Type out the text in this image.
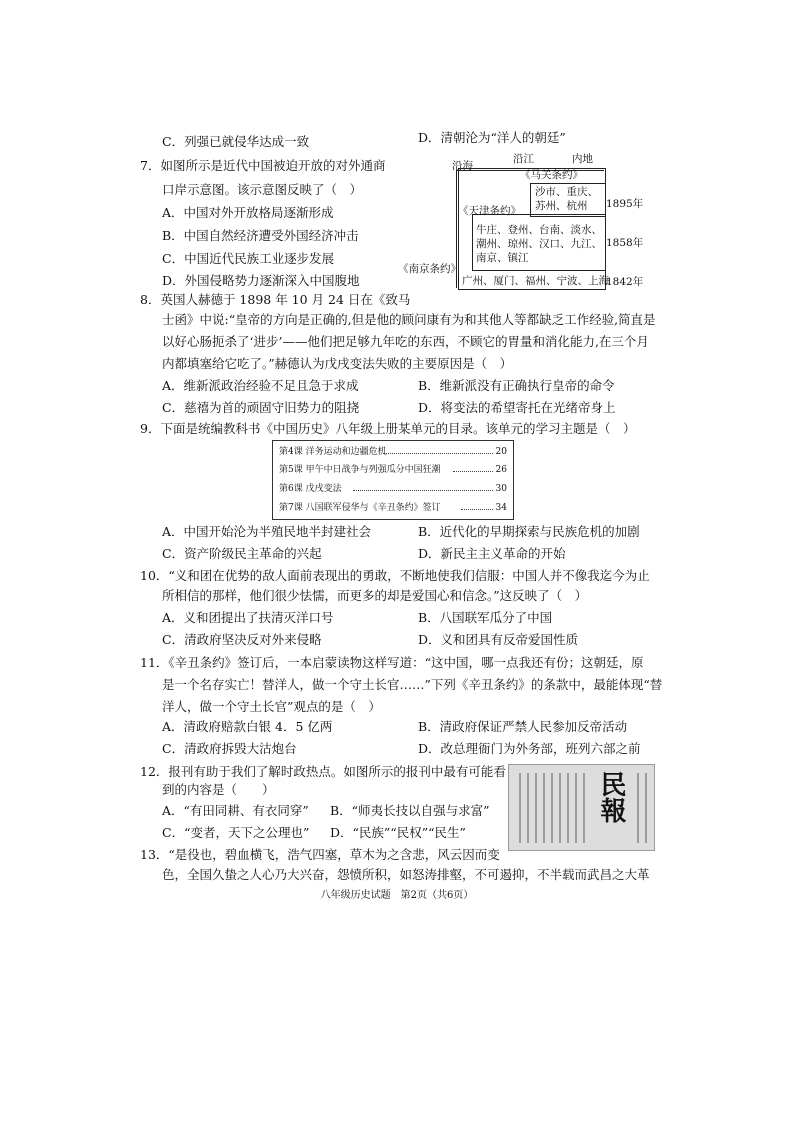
C．列强已就侵华达成一致	D．清朝沦为“洋人的朝廷”
7．如图所示是近代中国被迫开放的对外通商
口岸示意图。该示意图反映了（　）
A．中国对外开放格局逐渐形成
B．中国自然经济遭受外国经济冲击
C．中国近代民族工业逐步发展
D．外国侵略势力逐渐深入中国腹地
沿海
沿江	内地
《马关条约》
沙市、重庆、苏州、杭州	1895年
《天津条约》
牛庄、登州、台南、淡水、潮州、琼州、汉口、九江、南京、镇江
1858年
《南京条约》
广州、厦门、福州、宁波、上海
1842年
8．英国人赫德于 1898 年 10 月 24 日在《致马
士函》中说:“皇帝的方向是正确的,但是他的顾问康有为和其他人等都缺乏工作经验,简直是
以好心肠扼杀了‘进步’——他们把足够九年吃的东西，不顾它的胃量和消化能力,在三个月
内都填塞给它吃了。”赫德认为戊戌变法失败的主要原因是（　）
A．维新派政治经验不足且急于求成	B．维新派没有正确执行皇帝的命令
C．慈禧为首的顽固守旧势力的阻挠	D．将变法的希望寄托在光绪帝身上
9．下面是统编教科书《中国历史》八年级上册某单元的目录。该单元的学习主题是（　）
第4课 洋务运动和边疆危机	20
第5课 甲午中日战争与列强瓜分中国狂潮	26
第6课 戊戌变法	30
第7课 八国联军侵华与《辛丑条约》签订	34
A．中国开始沦为半殖民地半封建社会	B．近代化的早期探索与民族危机的加剧
C．资产阶级民主革命的兴起	D．新民主主义革命的开始
10．“义和团在优势的敌人面前表现出的勇敢，不断地使我们信服：中国人并不像我迄今为止
所相信的那样，他们很少怯懦，而更多的却是爱国心和信念。”这反映了（　）
A．义和团提出了扶清灭洋口号	B．八国联军瓜分了中国
C．清政府坚决反对外来侵略	D．义和团具有反帝爱国性质
11．《辛丑条约》签订后，一本启蒙读物这样写道：“这中国，哪一点我还有份；这朝廷，原
是一个名存实亡！替洋人，做一个守土长官……”下列《辛丑条约》的条款中，最能体现“替
洋人，做一个守土长官”观点的是（　）
A．清政府赔款白银 4．5 亿两	B．清政府保证严禁人民参加反帝活动
C．清政府拆毁大沽炮台	D．改总理衙门为外务部，班列六部之前
12．报刊有助于我们了解时政热点。如图所示的报刊中最有可能看
到的内容是（　　）
A．“有田同耕、有衣同穿” B．“师夷长技以自强与求富”
C．“变者，天下之公理也” D．“民族”“民权”“民生”
民報
13．“是役也，碧血横飞，浩气四塞，草木为之含悲，风云因而变
色，全国久蛰之人心乃大兴奋，怨愤所积，如怒涛排壑，不可遏抑，不半载而武昌之大革
八年级历史试题　第2页（共6页）
